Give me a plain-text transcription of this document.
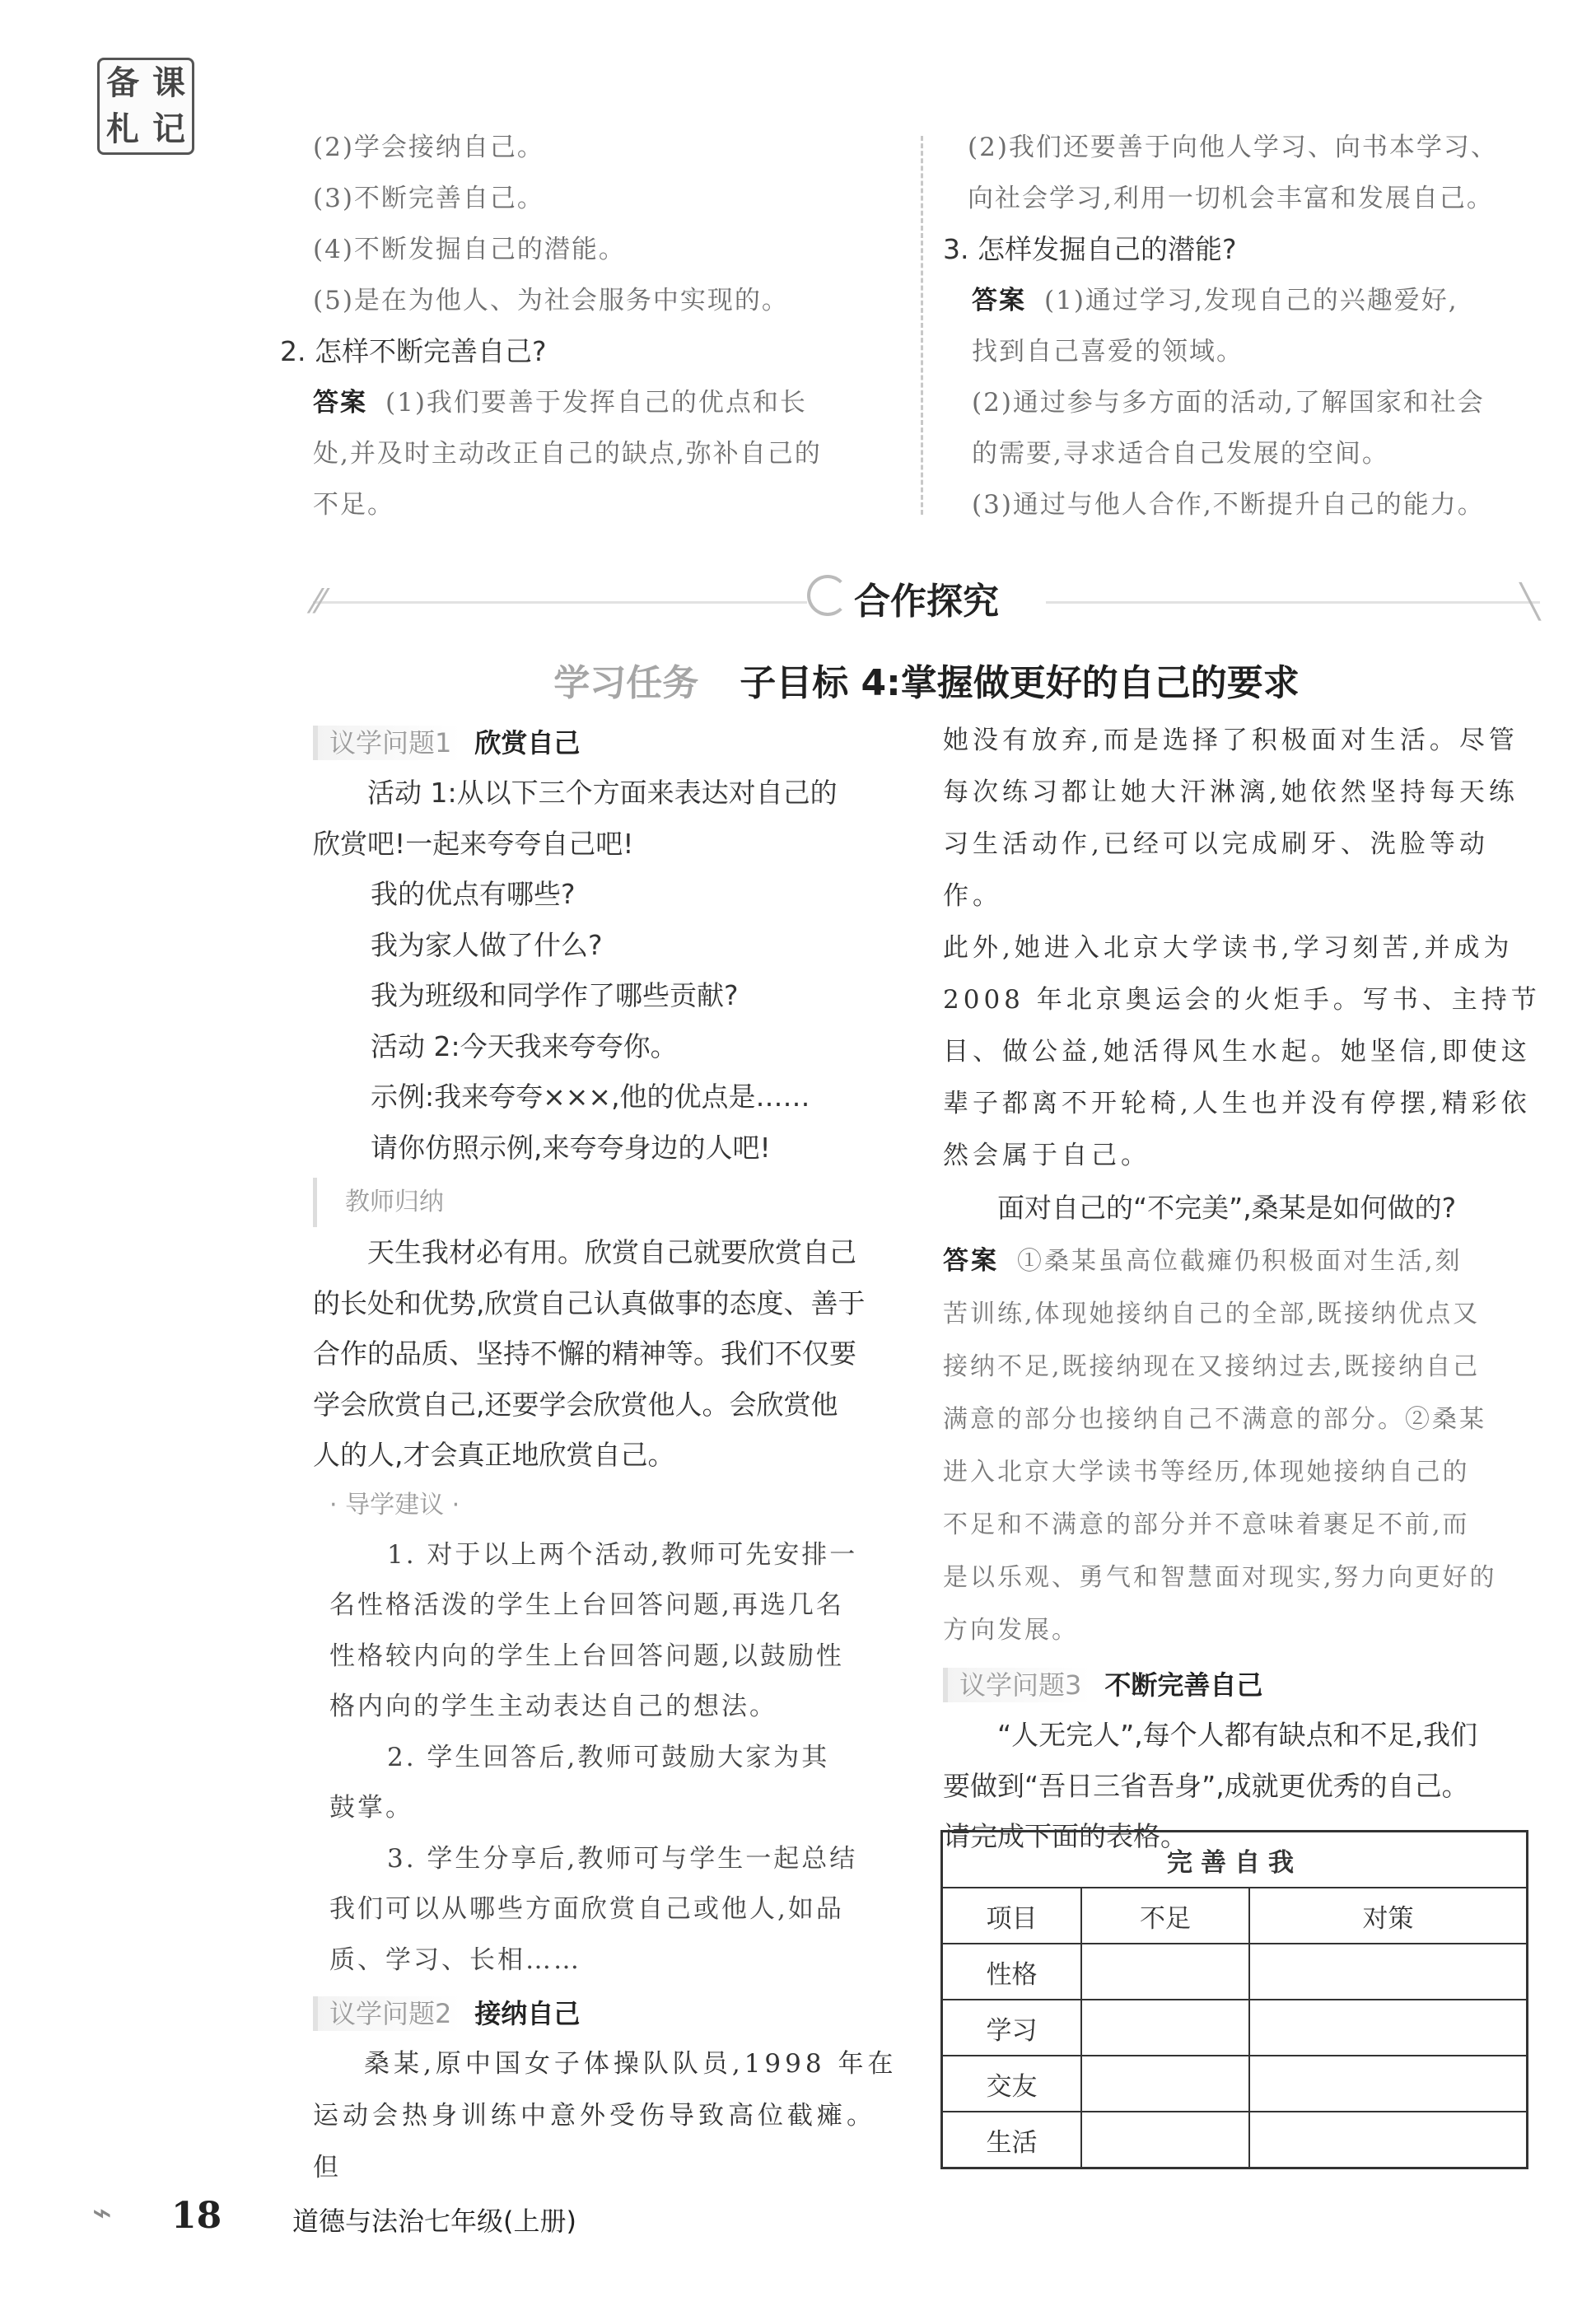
备 课
札 记	(2)学会接纳自己。
(3)不断完善自己。
(4)不断发掘自己的潜能。
(5)是在为他人、为社会服务中实现的。
2. 怎样不断完善自己?
答案 (1)我们要善于发挥自己的优点和长
处,并及时主动改正自己的缺点,弥补自己的
不足。
(2)我们还要善于向他人学习、向书本学习、
向社会学习,利用一切机会丰富和发展自己。
3. 怎样发掘自己的潜能?
答案 (1)通过学习,发现自己的兴趣爱好,
找到自己喜爱的领域。
(2)通过参与多方面的活动,了解国家和社会
的需要,寻求适合自己发展的空间。
(3)通过与他人合作,不断提升自己的能力。
⁄⁄	╲
合作探究
学习任务 子目标 4:掌握做更好的自己的要求
议学问题1 欣赏自己
活动 1:从以下三个方面来表达对自己的
欣赏吧!一起来夸夸自己吧!
我的优点有哪些?
我为家人做了什么?
我为班级和同学作了哪些贡献?
活动 2:今天我来夸夸你。
示例:我来夸夸×××,他的优点是……
请你仿照示例,来夸夸身边的人吧!
教师归纳
天生我材必有用。欣赏自己就要欣赏自己
的长处和优势,欣赏自己认真做事的态度、善于
合作的品质、坚持不懈的精神等。我们不仅要
学会欣赏自己,还要学会欣赏他人。会欣赏他
人的人,才会真正地欣赏自己。
· 导学建议 ·
1. 对于以上两个活动,教师可先安排一
名性格活泼的学生上台回答问题,再选几名
性格较内向的学生上台回答问题,以鼓励性
格内向的学生主动表达自己的想法。
2. 学生回答后,教师可鼓励大家为其
鼓掌。
3. 学生分享后,教师可与学生一起总结
我们可以从哪些方面欣赏自己或他人,如品
质、学习、长相……
议学问题2 接纳自己
桑某,原中国女子体操队队员,1998 年在
运动会热身训练中意外受伤导致高位截瘫。但
她没有放弃,而是选择了积极面对生活。尽管
每次练习都让她大汗淋漓,她依然坚持每天练
习生活动作,已经可以完成刷牙、洗脸等动作。
此外,她进入北京大学读书,学习刻苦,并成为
2008 年北京奥运会的火炬手。写书、主持节
目、做公益,她活得风生水起。她坚信,即使这
辈子都离不开轮椅,人生也并没有停摆,精彩依
然会属于自己。
面对自己的“不完美”,桑某是如何做的?
答案 ①桑某虽高位截瘫仍积极面对生活,刻
苦训练,体现她接纳自己的全部,既接纳优点又
接纳不足,既接纳现在又接纳过去,既接纳自己
满意的部分也接纳自己不满意的部分。②桑某
进入北京大学读书等经历,体现她接纳自己的
不足和不满意的部分并不意味着裹足不前,而
是以乐观、勇气和智慧面对现实,努力向更好的
方向发展。
议学问题3 不断完善自己
“人无完人”,每个人都有缺点和不足,我们
要做到“吾日三省吾身”,成就更优秀的自己。
请完成下面的表格。
完善自我		
项目	不足	对策
性格		
学习		
交友		
生活		
⌁ 18	道德与法治七年级(上册)
